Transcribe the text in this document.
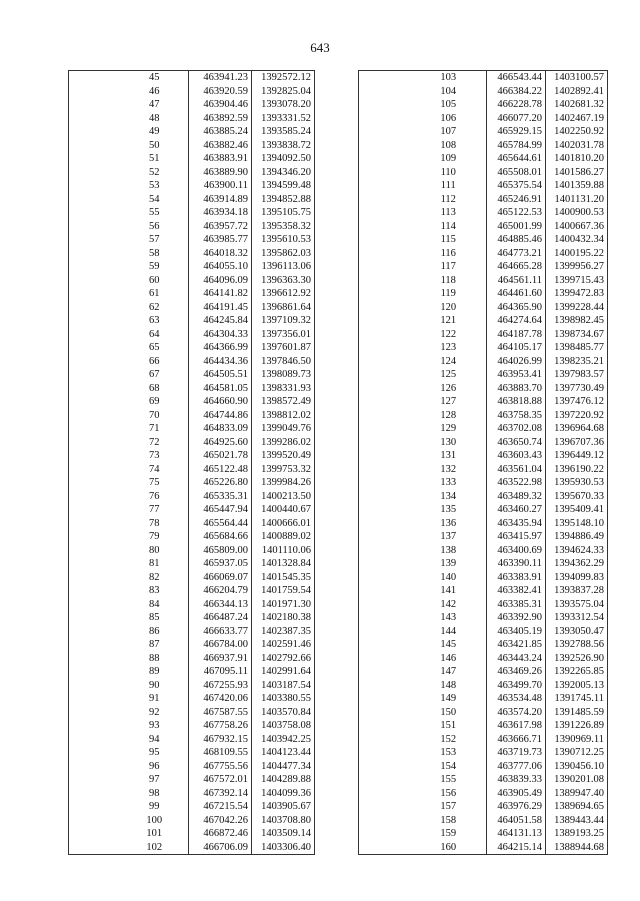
643
	45	463941.23	1392572.12
	46	463920.59	1392825.04
	47	463904.46	1393078.20
	48	463892.59	1393331.52
	49	463885.24	1393585.24
	50	463882.46	1393838.72
	51	463883.91	1394092.50
	52	463889.90	1394346.20
	53	463900.11	1394599.48
	54	463914.89	1394852.88
	55	463934.18	1395105.75
	56	463957.72	1395358.32
	57	463985.77	1395610.53
	58	464018.32	1395862.03
	59	464055.10	1396113.06
	60	464096.09	1396363.30
	61	464141.82	1396612.92
	62	464191.45	1396861.64
	63	464245.84	1397109.32
	64	464304.33	1397356.01
	65	464366.99	1397601.87
	66	464434.36	1397846.50
	67	464505.51	1398089.73
	68	464581.05	1398331.93
	69	464660.90	1398572.49
	70	464744.86	1398812.02
	71	464833.09	1399049.76
	72	464925.60	1399286.02
	73	465021.78	1399520.49
	74	465122.48	1399753.32
	75	465226.80	1399984.26
	76	465335.31	1400213.50
	77	465447.94	1400440.67
	78	465564.44	1400666.01
	79	465684.66	1400889.02
	80	465809.00	1401110.06
	81	465937.05	1401328.84
	82	466069.07	1401545.35
	83	466204.79	1401759.54
	84	466344.13	1401971.30
	85	466487.24	1402180.38
	86	466633.77	1402387.35
	87	466784.00	1402591.46
	88	466937.91	1402792.66
	89	467095.11	1402991.64
	90	467255.93	1403187.54
	91	467420.06	1403380.55
	92	467587.55	1403570.84
	93	467758.26	1403758.08
	94	467932.15	1403942.25
	95	468109.55	1404123.44
	96	467755.56	1404477.34
	97	467572.01	1404289.88
	98	467392.14	1404099.36
	99	467215.54	1403905.67
	100	467042.26	1403708.80
	101	466872.46	1403509.14
	102	466706.09	1403306.40
	103	466543.44	1403100.57
	104	466384.22	1402892.41
	105	466228.78	1402681.32
	106	466077.20	1402467.19
	107	465929.15	1402250.92
	108	465784.99	1402031.78
	109	465644.61	1401810.20
	110	465508.01	1401586.27
	111	465375.54	1401359.88
	112	465246.91	1401131.20
	113	465122.53	1400900.53
	114	465001.99	1400667.36
	115	464885.46	1400432.34
	116	464773.21	1400195.22
	117	464665.28	1399956.27
	118	464561.11	1399715.43
	119	464461.60	1399472.83
	120	464365.90	1399228.44
	121	464274.64	1398982.45
	122	464187.78	1398734.67
	123	464105.17	1398485.77
	124	464026.99	1398235.21
	125	463953.41	1397983.57
	126	463883.70	1397730.49
	127	463818.88	1397476.12
	128	463758.35	1397220.92
	129	463702.08	1396964.68
	130	463650.74	1396707.36
	131	463603.43	1396449.12
	132	463561.04	1396190.22
	133	463522.98	1395930.53
	134	463489.32	1395670.33
	135	463460.27	1395409.41
	136	463435.94	1395148.10
	137	463415.97	1394886.49
	138	463400.69	1394624.33
	139	463390.11	1394362.29
	140	463383.91	1394099.83
	141	463382.41	1393837.28
	142	463385.31	1393575.04
	143	463392.90	1393312.54
	144	463405.19	1393050.47
	145	463421.85	1392788.56
	146	463443.24	1392526.90
	147	463469.26	1392265.85
	148	463499.70	1392005.13
	149	463534.48	1391745.11
	150	463574.20	1391485.59
	151	463617.98	1391226.89
	152	463666.71	1390969.11
	153	463719.73	1390712.25
	154	463777.06	1390456.10
	155	463839.33	1390201.08
	156	463905.49	1389947.40
	157	463976.29	1389694.65
	158	464051.58	1389443.44
	159	464131.13	1389193.25
	160	464215.14	1388944.68
